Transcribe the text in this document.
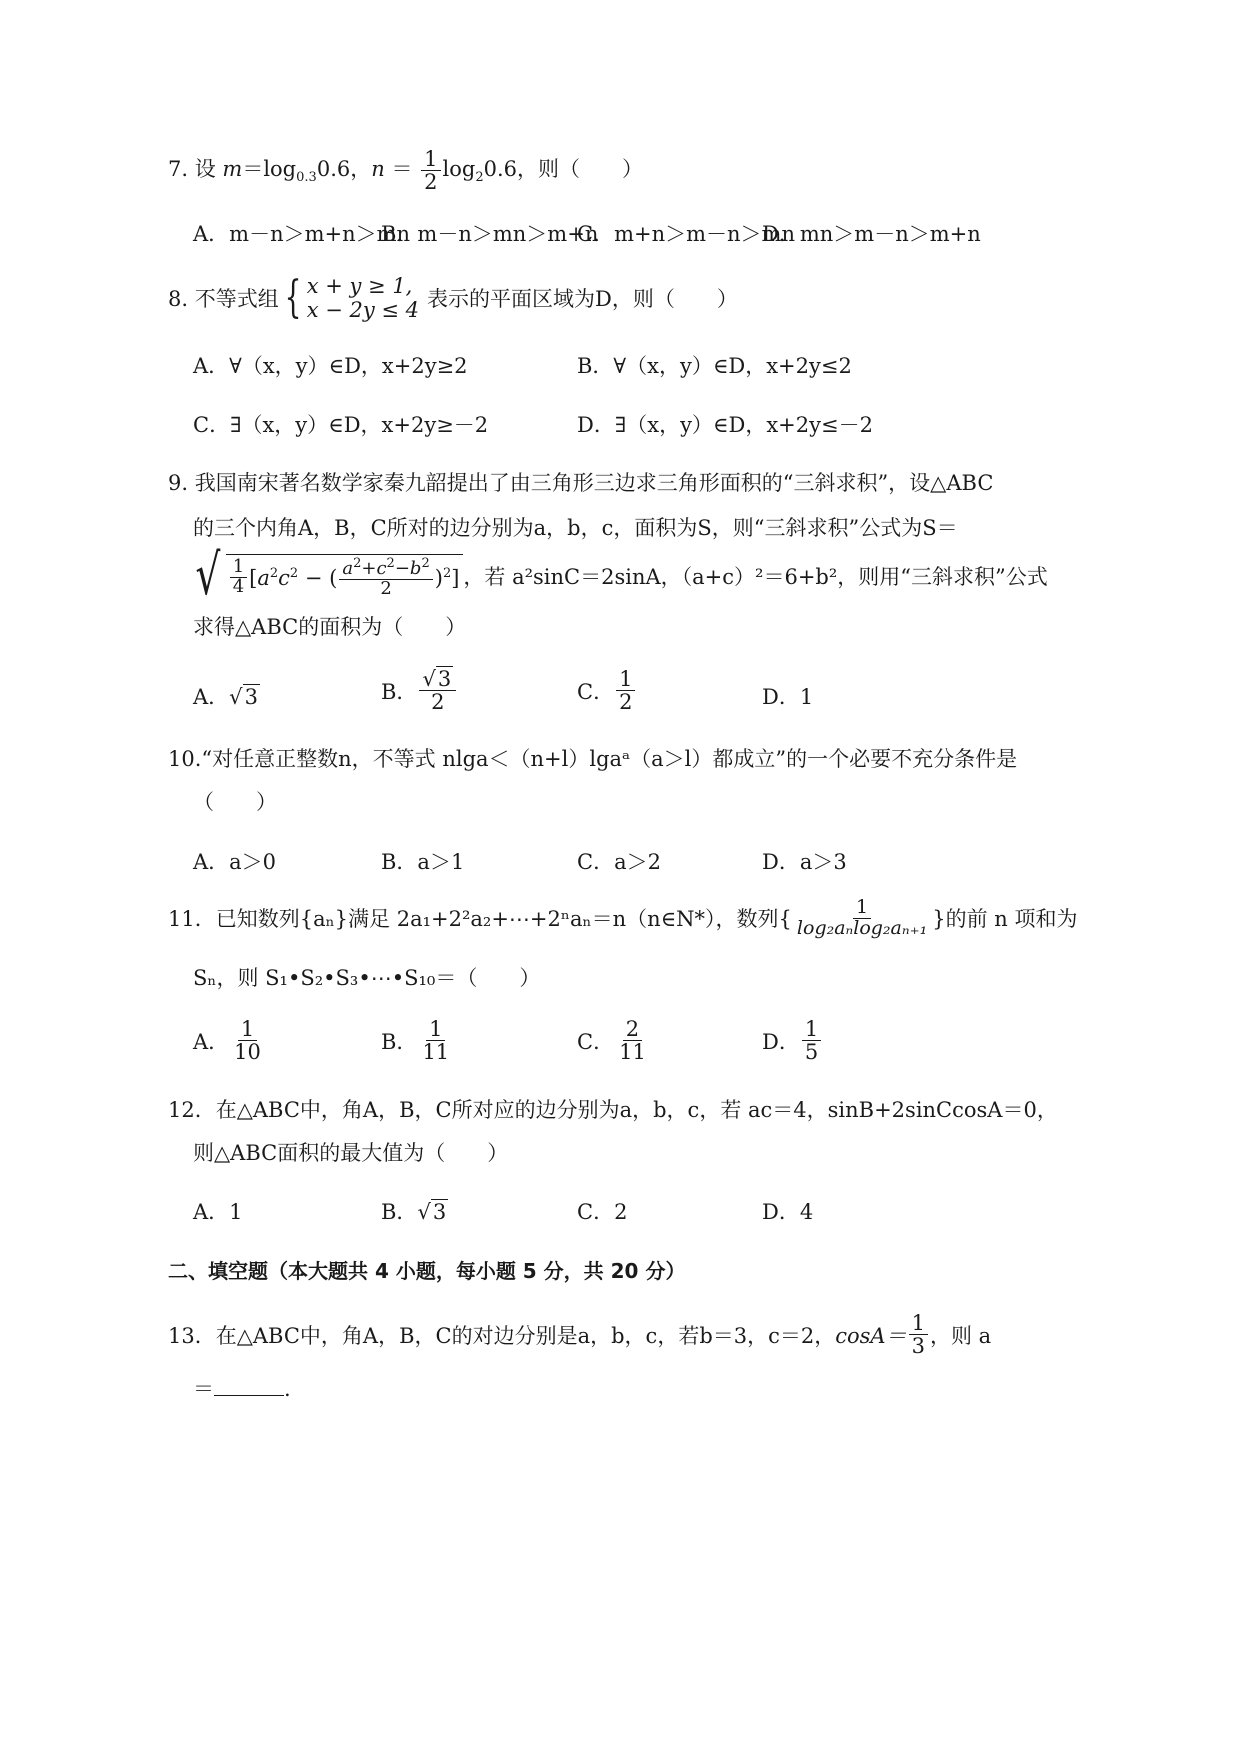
7. 设 $m=\log_{0.3}0.6$，$n = \frac{1}{2} \log_20.6$，则（　　）
A．m－n＞m+n＞mn
B．m－n＞mn＞m+n
C．m+n＞m－n＞mn
D．mn＞m－n＞m+n
8. 不等式组 { x + y ≥ 1,
x − 2y ≤ 4 表示的平面区域为D，则（　　）
A．∀（x，y）∈D，x+2y≥2	B．∀（x，y）∈D，x+2y≤2
C．∃（x，y）∈D，x+2y≥－2	D．∃（x，y）∈D，x+2y≤－2
9. 我国南宋著名数学家秦九韶提出了由三角形三边求三角形面积的“三斜求积”，设△ABC
的三个内角A，B，C所对的边分别为a，b，c，面积为S，则“三斜求积”公式为S＝
√ $\frac{1}{4} [a^2c^2$ − ( $\frac{a^2+c^2-b^2}{2} )^2$] ，若 a²sinC＝2sinA，（a+c）²＝6+b²，则用“三斜求积”公式
求得△ABC的面积为（　　）
A．√3	B． $\frac{√3}{2}$	C． $\frac{1}{2}$	D．1
10.“对任意正整数n，不等式 nlga＜（n+l）lgaᵃ（a＞l）都成立”的一个必要不充分条件是
（　　）
A．a＞0	B．a＞1	C．a＞2	D．a＞3
11．已知数列{aₙ}满足 2a₁+2²a₂+⋯+2ⁿaₙ＝n（n∈N*），数列{ $\frac{1}{\text{log₂aₙlog₂aₙ₊₁}}$ }的前 n 项和为
Sₙ，则 S₁•S₂•S₃•⋯•S₁₀＝（　　）
A． $\frac{1}{10}$	B． $\frac{1}{11}$	C． $\frac{2}{11}$	D． $\frac{1}{5}$
12．在△ABC中，角A，B，C所对应的边分别为a，b，c，若 ac＝4，sinB+2sinCcosA＝0，
则△ABC面积的最大值为（　　）
A．1	B．√3	C．2	D．4
二、填空题（本大题共 4 小题，每小题 5 分，共 20 分）
13．在△ABC中，角A，B，C的对边分别是a，b，c，若b＝3，c＝2， $\cos A= \frac{1}{3}$ ，则 a
＝	.
